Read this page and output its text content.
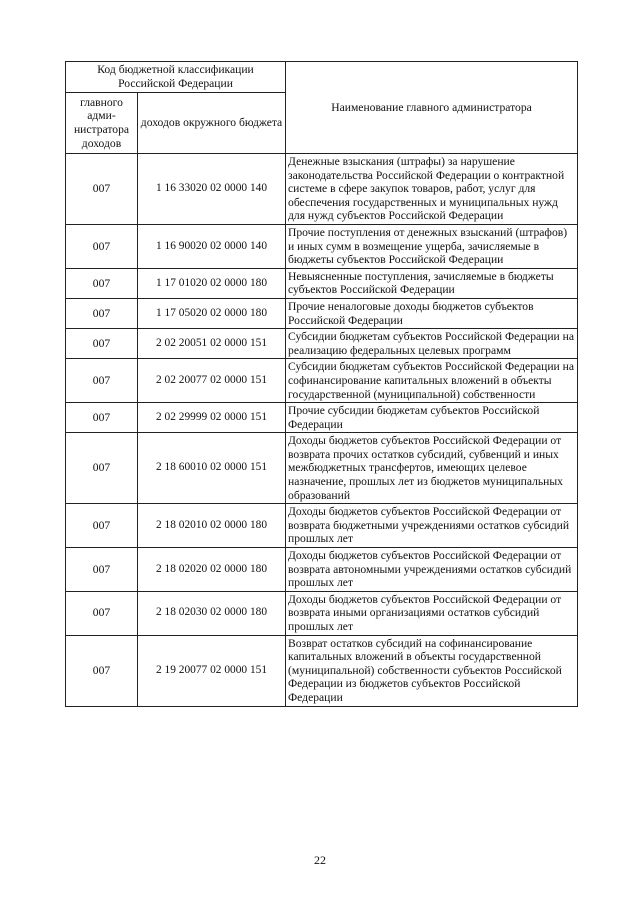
Код бюджетной классификации Российской Федерации		Наименование главного администратора
главного адми-нистратора доходов	доходов окружного бюджета	
007	1 16 33020 02 0000 140	Денежные взыскания (штрафы) за нарушение законодательства Российской Федерации о контрактной системе в сфере закупок товаров, работ, услуг для обеспечения государственных и муниципальных нужд для нужд субъектов Российской Федерации
007	1 16 90020 02 0000 140	Прочие поступления от денежных взысканий (штрафов) и иных сумм в возмещение ущерба, зачисляемые в бюджеты субъектов Российской Федерации
007	1 17 01020 02 0000 180	Невыясненные поступления, зачисляемые в бюджеты субъектов Российской Федерации
007	1 17 05020 02 0000 180	Прочие неналоговые доходы бюджетов субъектов Российской Федерации
007	2 02 20051 02 0000 151	Субсидии бюджетам субъектов Российской Федерации на реализацию федеральных целевых программ
007	2 02 20077 02 0000 151	Субсидии бюджетам субъектов Российской Федерации на софинансирование капитальных вложений в объекты государственной (муниципальной) собственности
007	2 02 29999 02 0000 151	Прочие субсидии бюджетам субъектов Российской Федерации
007	2 18 60010 02 0000 151	Доходы бюджетов субъектов Российской Федерации от возврата прочих остатков субсидий, субвенций и иных межбюджетных трансфертов, имеющих целевое назначение, прошлых лет из бюджетов муниципальных образований
007	2 18 02010 02 0000 180	Доходы бюджетов субъектов Российской Федерации от возврата бюджетными учреждениями остатков субсидий прошлых лет
007	2 18 02020 02 0000 180	Доходы бюджетов субъектов Российской Федерации от возврата автономными учреждениями остатков субсидий прошлых лет
007	2 18 02030 02 0000 180	Доходы бюджетов субъектов Российской Федерации от возврата иными организациями остатков субсидий прошлых лет
007	2 19 20077 02 0000 151	Возврат остатков субсидий на софинансирование капитальных вложений в объекты государственной (муниципальной) собственности субъектов Российской Федерации из бюджетов субъектов Российской Федерации
22
